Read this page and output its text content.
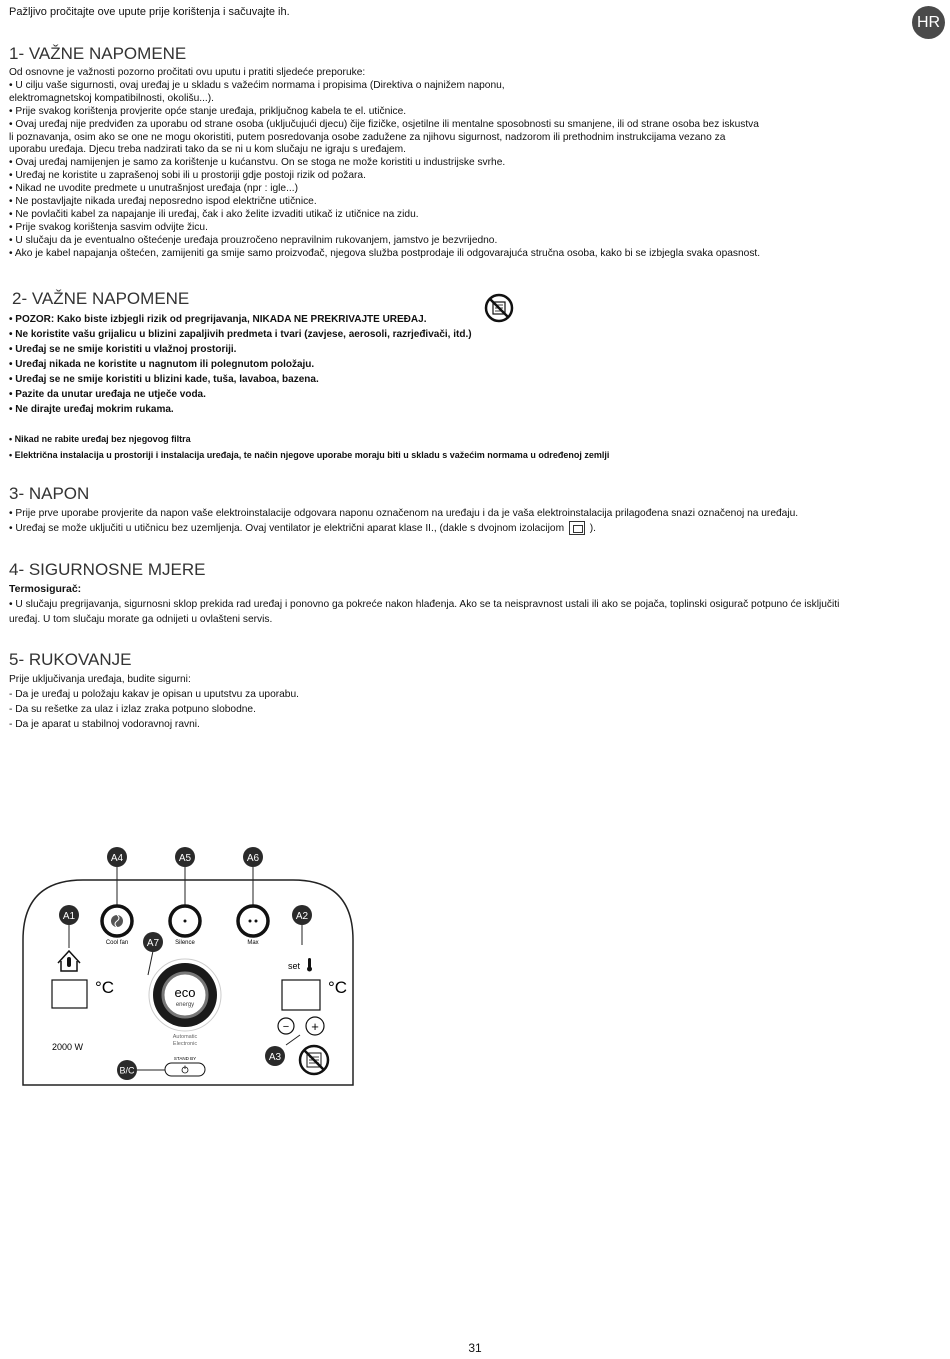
Pažljivo pročitajte ove upute prije korištenja i sačuvajte ih.
HR
1- VAŽNE NAPOMENE
Od osnovne je važnosti pozorno pročitati ovu uputu i pratiti sljedeće preporuke:
• U cilju vaše sigurnosti, ovaj uređaj je u skladu s važećim normama i propisima (Direktiva o najnižem naponu,
elektromagnetskoj kompatibilnosti, okolišu...).
• Prije svakog korištenja provjerite opće stanje uređaja, priključnog kabela te el. utičnice.
• Ovaj uređaj nije predviđen za uporabu od strane osoba (uključujući djecu) čije fizičke, osjetilne ili mentalne sposobnosti su smanjene, ili od strane osoba bez iskustva
li poznavanja, osim ako se one ne mogu okoristiti, putem posredovanja osobe zadužene za njihovu sigurnost, nadzorom ili prethodnim instrukcijama vezano za
uporabu uređaja. Djecu treba nadzirati tako da se ni u kom slučaju ne igraju s uređajem.
• Ovaj uređaj namijenjen je samo za korištenje u kućanstvu. On se stoga ne može koristiti u industrijske svrhe.
• Uređaj ne koristite u zaprašenoj sobi ili u prostoriji gdje postoji rizik od požara.
• Nikad ne uvodite predmete u unutrašnjost uređaja (npr : igle...)
• Ne postavljajte nikada uređaj neposredno ispod električne utičnice.
• Ne povlačiti kabel za napajanje ili uređaj, čak i ako želite izvaditi utikač iz utičnice na zidu.
• Prije svakog korištenja sasvim odvijte žicu.
• U slučaju da je eventualno oštećenje uređaja prouzročeno nepravilnim rukovanjem, jamstvo je bezvrijedno.
• Ako je kabel napajanja oštećen, zamijeniti ga smije samo proizvođač, njegova služba postprodaje ili odgovarajuća stručna osoba, kako bi se izbjegla svaka opasnost.
2- VAŽNE NAPOMENE
• POZOR: Kako biste izbjegli rizik od pregrijavanja, NIKADA NE PREKRIVAJTE UREĐAJ.
• Ne koristite vašu grijalicu u blizini zapaljivih predmeta i tvari (zavjese, aerosoli, razrjeđivači, itd.)
• Uređaj se ne smije koristiti u vlažnoj prostoriji.
• Uređaj nikada ne koristite u nagnutom ili polegnutom položaju.
• Uređaj se ne smije koristiti u blizini kade, tuša, lavaboa, bazena.
• Pazite da unutar uređaja ne utječe voda.
• Ne dirajte uređaj mokrim rukama.
• Nikad ne rabite uređaj bez njegovog filtra
• Električna instalacija u prostoriji i instalacija uređaja, te način njegove uporabe moraju biti u skladu s važećim normama u određenoj zemlji
3- NAPON
• Prije prve uporabe provjerite da napon vaše elektroinstalacije odgovara naponu označenom na uređaju i da je vaša elektroinstalacija prilagođena snazi označenoj na uređaju.
• Uređaj se može uključiti u utičnicu bez uzemljenja. Ovaj ventilator je električni aparat klase II., (dakle s dvojnom izolacijom	).
4- SIGURNOSNE MJERE
Termosigurač:
• U slučaju pregrijavanja, sigurnosni sklop prekida rad uređaj i ponovno ga pokreće nakon hlađenja. Ako se ta neispravnost ustali ili ako se pojača, toplinski osigurač potpuno će isključiti
uređaj. U tom slučaju morate ga odnijeti u ovlašteni servis.
5- RUKOVANJE
Prije uključivanja uređaja, budite sigurni:
- Da je uređaj u položaju kakav je opisan u uputstvu za uporabu.
- Da su rešetke za ulaz i izlaz zraka potpuno slobodne.
- Da je aparat u stabilnoj vodoravnoj ravni.
A4	A5	A6
A1	A2
Cool fan	Silence	Max
A7
°C	eco
energy
Automatic
Electronic
set
°C
− +
A3
2000 W
STAND BY
B/C
31
